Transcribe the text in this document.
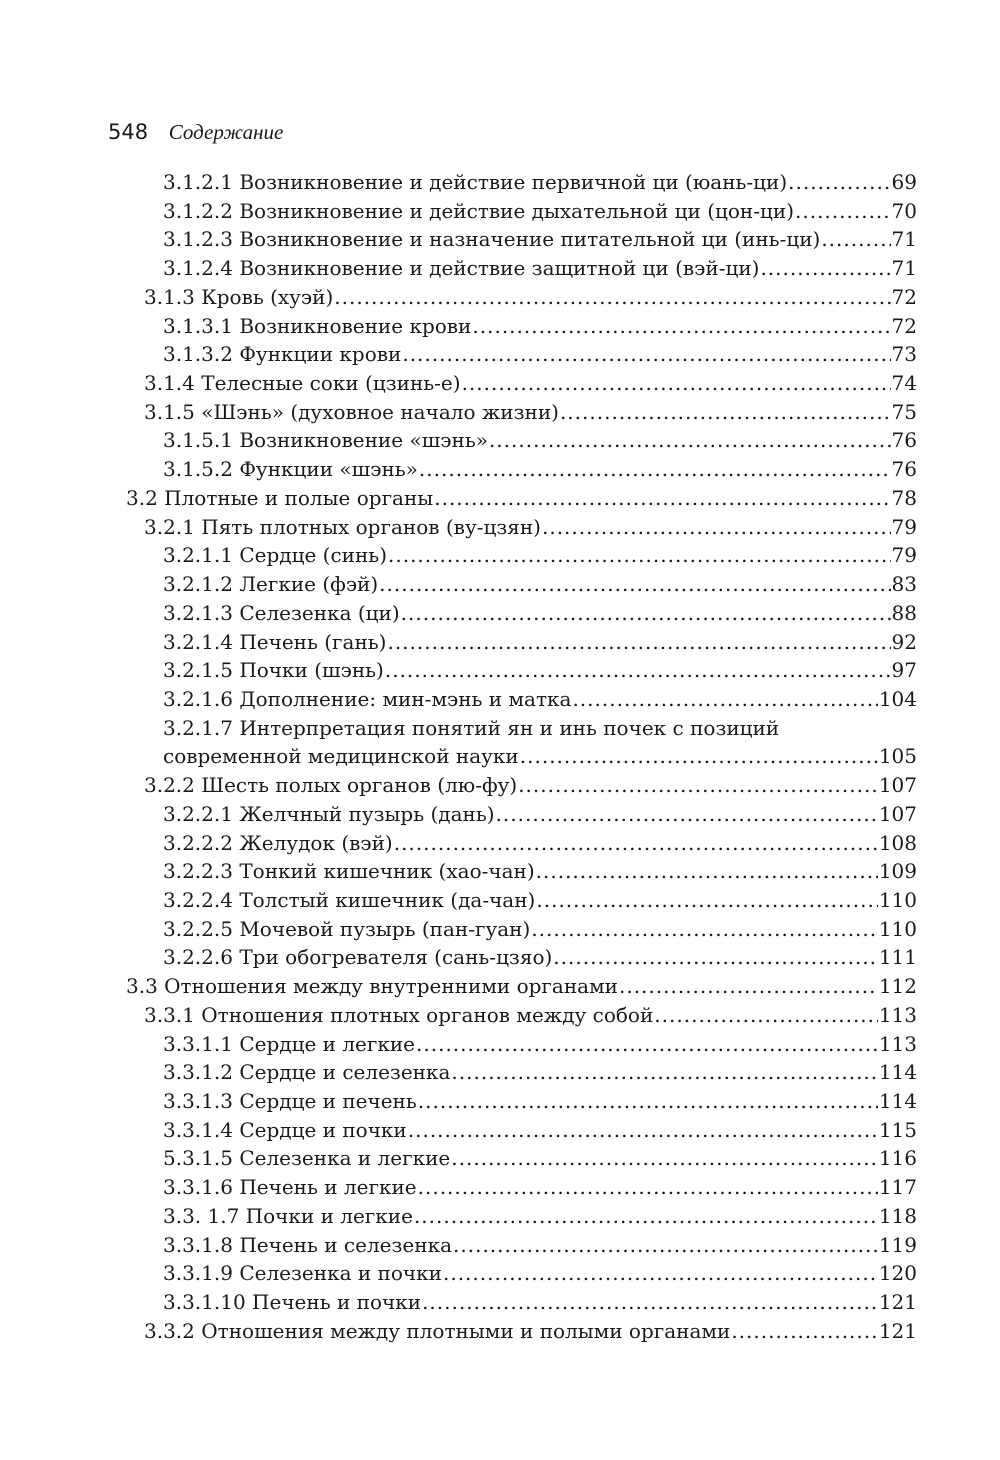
548 Содержание
3.1.2.1 Возникновение и действие первичной ци (юань-ци) .....	69
3.1.2.2 Возникновение и действие дыхательной ци (цон-ци) .....	70
3.1.2.3 Возникновение и назначение питательной ци (инь-ци) .....	71
3.1.2.4 Возникновение и действие защитной ци (вэй-ци) .....	71
3.1.3 Кровь (хуэй) .....	72
3.1.3.1 Возникновение крови .....	72
3.1.3.2 Функции крови .....	73
3.1.4 Телесные соки (цзинь-е) .....	74
3.1.5 «Шэнь» (духовное начало жизни) .....	75
3.1.5.1 Возникновение «шэнь» .....	76
3.1.5.2 Функции «шэнь» .....	76
3.2 Плотные и полые органы .....	78
3.2.1 Пять плотных органов (ву-цзян) .....	79
3.2.1.1 Сердце (синь) .....	79
3.2.1.2 Легкие (фэй) .....	83
3.2.1.3 Селезенка (ци) .....	88
3.2.1.4 Печень (гань) .....	92
3.2.1.5 Почки (шэнь) .....	97
3.2.1.6 Дополнение: мин-мэнь и матка .....	104
3.2.1.7 Интерпретация понятий ян и инь почек с позиций
современной медицинской науки .....	105
3.2.2 Шесть полых органов (лю-фу) .....	107
3.2.2.1 Желчный пузырь (дань) .....	107
3.2.2.2 Желудок (вэй) .....	108
3.2.2.3 Тонкий кишечник (хао-чан) .....	109
3.2.2.4 Толстый кишечник (да-чан) .....	110
3.2.2.5 Мочевой пузырь (пан-гуан) .....	110
3.2.2.6 Три обогревателя (сань-цзяо) .....	111
3.3 Отношения между внутренними органами .....	112
3.3.1 Отношения плотных органов между собой .....	113
3.3.1.1 Сердце и легкие .....	113
3.3.1.2 Сердце и селезенка .....	114
3.3.1.3 Сердце и печень .....	114
3.3.1.4 Сердце и почки .....	115
5.3.1.5 Селезенка и легкие .....	116
3.3.1.6 Печень и легкие .....	117
3.3. 1.7 Почки и легкие .....	118
3.3.1.8 Печень и селезенка .....	119
3.3.1.9 Селезенка и почки .....	120
3.3.1.10 Печень и почки .....	121
3.3.2 Отношения между плотными и полыми органами .....	121
